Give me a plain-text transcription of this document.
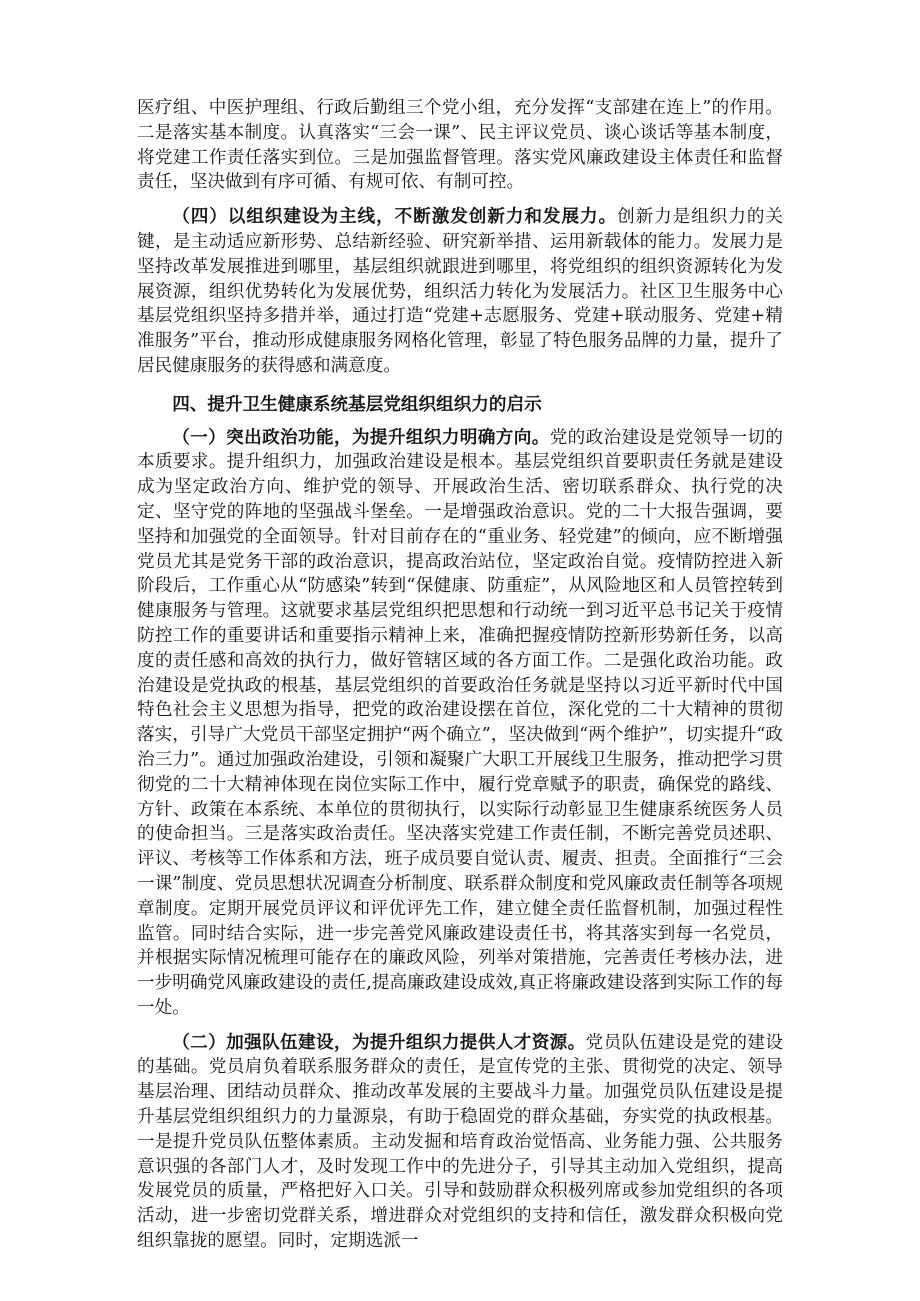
医疗组、中医护理组、行政后勤组三个党小组，充分发挥“支部建在连上”的作用。二是落实基本制度。认真落实“三会一课”、民主评议党员、谈心谈话等基本制度，将党建工作责任落实到位。三是加强监督管理。落实党风廉政建设主体责任和监督责任，坚决做到有序可循、有规可依、有制可控。

（四）以组织建设为主线，不断激发创新力和发展力。创新力是组织力的关键，是主动适应新形势、总结新经验、研究新举措、运用新载体的能力。发展力是坚持改革发展推进到哪里，基层组织就跟进到哪里，将党组织的组织资源转化为发展资源，组织优势转化为发展优势，组织活力转化为发展活力。社区卫生服务中心基层党组织坚持多措并举，通过打造“党建+志愿服务、党建+联动服务、党建+精准服务”平台，推动形成健康服务网格化管理，彰显了特色服务品牌的力量，提升了居民健康服务的获得感和满意度。

四、提升卫生健康系统基层党组织组织力的启示

（一）突出政治功能，为提升组织力明确方向。党的政治建设是党领导一切的本质要求。提升组织力，加强政治建设是根本。基层党组织首要职责任务就是建设成为坚定政治方向、维护党的领导、开展政治生活、密切联系群众、执行党的决定、坚守党的阵地的坚强战斗堡垒。一是增强政治意识。党的二十大报告强调，要坚持和加强党的全面领导。针对目前存在的“重业务、轻党建”的倾向，应不断增强党员尤其是党务干部的政治意识，提高政治站位，坚定政治自觉。疫情防控进入新阶段后，工作重心从“防感染”转到“保健康、防重症”，从风险地区和人员管控转到健康服务与管理。这就要求基层党组织把思想和行动统一到习近平总书记关于疫情防控工作的重要讲话和重要指示精神上来，准确把握疫情防控新形势新任务，以高度的责任感和高效的执行力，做好管辖区域的各方面工作。二是强化政治功能。政治建设是党执政的根基，基层党组织的首要政治任务就是坚持以习近平新时代中国特色社会主义思想为指导，把党的政治建设摆在首位，深化党的二十大精神的贯彻落实，引导广大党员干部坚定拥护“两个确立”，坚决做到“两个维护”，切实提升“政治三力”。通过加强政治建设，引领和凝聚广大职工开展线卫生服务，推动把学习贯彻党的二十大精神体现在岗位实际工作中，履行党章赋予的职责，确保党的路线、方针、政策在本系统、本单位的贯彻执行，以实际行动彰显卫生健康系统医务人员的使命担当。三是落实政治责任。坚决落实党建工作责任制，不断完善党员述职、评议、考核等工作体系和方法，班子成员要自觉认责、履责、担责。全面推行“三会一课”制度、党员思想状况调查分析制度、联系群众制度和党风廉政责任制等各项规章制度。定期开展党员评议和评优评先工作，建立健全责任监督机制，加强过程性监管。同时结合实际，进一步完善党风廉政建设责任书，将其落实到每一名党员，并根据实际情况梳理可能存在的廉政风险，列举对策措施，完善责任考核办法，进一步明确党风廉政建设的责任,提高廉政建设成效,真正将廉政建设落到实际工作的每一处。

（二）加强队伍建设，为提升组织力提供人才资源。党员队伍建设是党的建设的基础。党员肩负着联系服务群众的责任，是宣传党的主张、贯彻党的决定、领导基层治理、团结动员群众、推动改革发展的主要战斗力量。加强党员队伍建设是提升基层党组织组织力的力量源泉，有助于稳固党的群众基础，夯实党的执政根基。一是提升党员队伍整体素质。主动发掘和培育政治觉悟高、业务能力强、公共服务意识强的各部门人才，及时发现工作中的先进分子，引导其主动加入党组织，提高发展党员的质量，严格把好入口关。引导和鼓励群众积极列席或参加党组织的各项活动，进一步密切党群关系，增进群众对党组织的支持和信任，激发群众积极向党组织靠拢的愿望。同时，定期选派一
